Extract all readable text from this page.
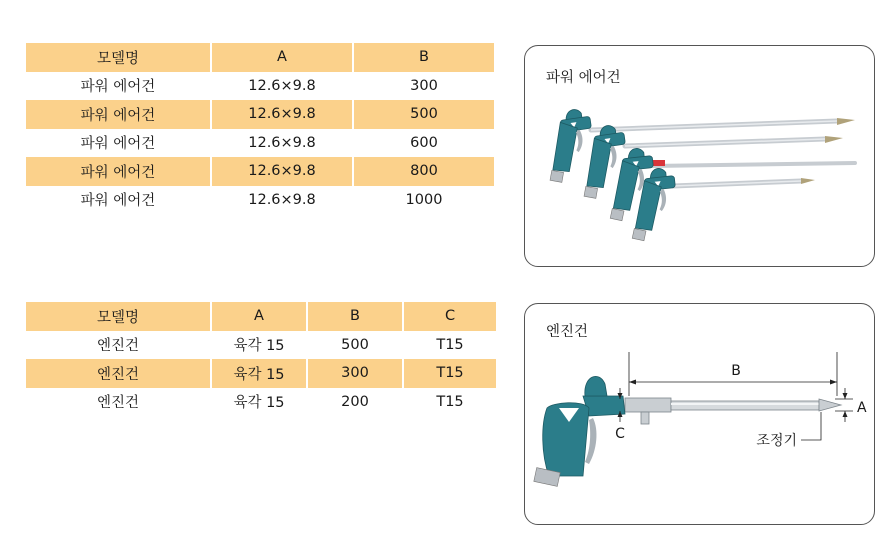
모델명	A	B
파워 에어건	12.6×9.8	300
파워 에어건	12.6×9.8	500
파워 에어건	12.6×9.8	600
파워 에어건	12.6×9.8	800
파워 에어건	12.6×9.8	1000
모델명	A	B	C
엔진건	육각 15	500	T15
엔진건	육각 15	300	T15
엔진건	육각 15	200	T15
파워 에어건
엔진건
B
A
C	조정기
